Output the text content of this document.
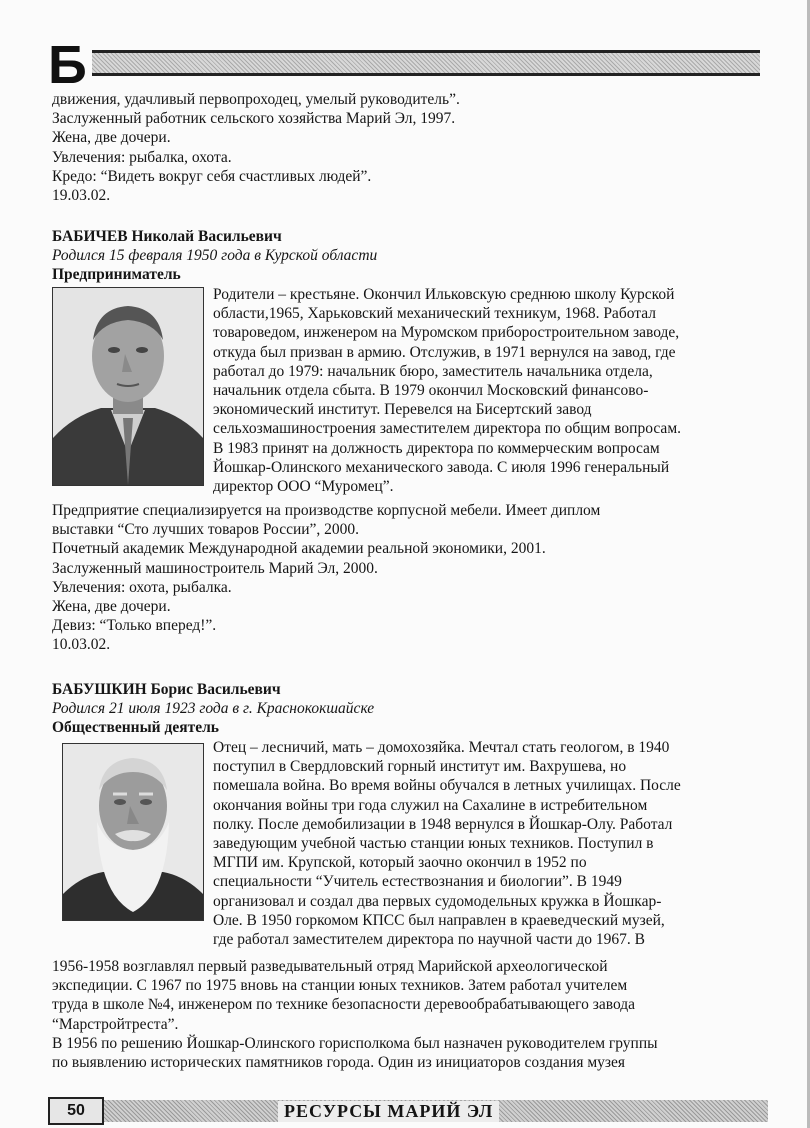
Б
движения, удачливый первопроходец, умелый руководитель”.
Заслуженный работник сельского хозяйства Марий Эл, 1997.
Жена, две дочери.
Увлечения: рыбалка, охота.
Кредо: “Видеть вокруг себя счастливых людей”.
19.03.02.
БАБИЧЕВ Николай Васильевич
Родился 15 февраля 1950 года в Курской области
Предприниматель
Родители – крестьяне. Окончил Ильковскую среднюю школу Курской
области,1965, Харьковский механический техникум, 1968. Работал
товароведом, инженером на Муромском приборостроительном заводе,
откуда был призван в армию. Отслужив, в 1971 вернулся на завод, где
работал до 1979: начальник бюро, заместитель начальника отдела,
начальник отдела сбыта. В 1979 окончил Московский финансово-
экономический институт. Перевелся на Бисертский завод
сельхозмашиностроения заместителем директора по общим вопросам.
В 1983 принят на должность директора по коммерческим вопросам
Йошкар-Олинского механического завода. С июля 1996 генеральный
директор ООО “Муромец”.
Предприятие специализируется на производстве корпусной мебели. Имеет диплом
выставки “Сто лучших товаров России”, 2000.
Почетный академик Международной академии реальной экономики, 2001.
Заслуженный машиностроитель Марий Эл, 2000.
Увлечения: охота, рыбалка.
Жена, две дочери.
Девиз: “Только вперед!”.
10.03.02.
БАБУШКИН Борис Васильевич
Родился 21 июля 1923 года в г. Краснококшайске
Общественный деятель
Отец – лесничий, мать – домохозяйка. Мечтал стать геологом, в 1940
поступил в Свердловский горный институт им. Вахрушева, но
помешала война. Во время войны обучался в летных училищах. После
окончания войны три года служил на Сахалине в истребительном
полку. После демобилизации в 1948 вернулся в Йошкар-Олу. Работал
заведующим учебной частью станции юных техников. Поступил в
МГПИ им. Крупской, который заочно окончил в 1952 по
специальности “Учитель естествознания и биологии”. В 1949
организовал и создал два первых судомодельных кружка в Йошкар-
Оле. В 1950 горкомом КПСС был направлен в краеведческий музей,
где работал заместителем директора по научной части до 1967. В
1956-1958 возглавлял первый разведывательный отряд Марийской археологической
экспедиции. С 1967 по 1975 вновь на станции юных техников. Затем работал учителем
труда в школе №4, инженером по технике безопасности деревообрабатывающего завода
“Марстройтреста”.
В 1956 по решению Йошкар-Олинского горисполкома был назначен руководителем группы
по выявлению исторических памятников города. Один из инициаторов создания музея
50	РЕСУРСЫ МАРИЙ ЭЛ
